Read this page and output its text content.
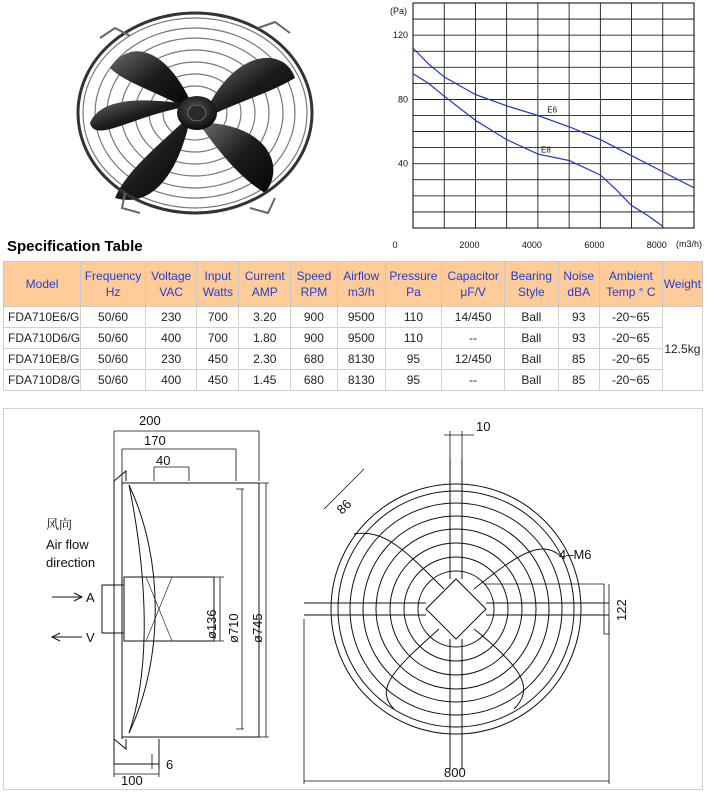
(Pa)
(m3/h)
120
80
40
0	2000	4000	6000	8000
E6
E8
Specification Table
Model	Frequency Hz	Voltage VAC	Input Watts	Current AMP	Speed RPM	Airflow m3/h	Pressure Pa	Capacitor μF/V	Bearing Style	Noise dBA	Ambient Temp ° C	Weight
FDA710E6/G	50/60	230	700	3.20	900	9500	110	14/450	Ball	93	-20~65	12.5kg
FDA710D6/G	50/60	400	700	1.80	900	9500	110	--	Ball	93	-20~65	
FDA710E8/G	50/60	230	450	2.30	680	8130	95	12/450	Ball	85	-20~65	
FDA710D8/G	50/60	400	450	1.45	680	8130	95	--	Ball	85	-20~65	
200
170
40
ø136 ø710 ø745
100
6
风向
Air flow
direction
A
V
10
86
4–M6
122
800
